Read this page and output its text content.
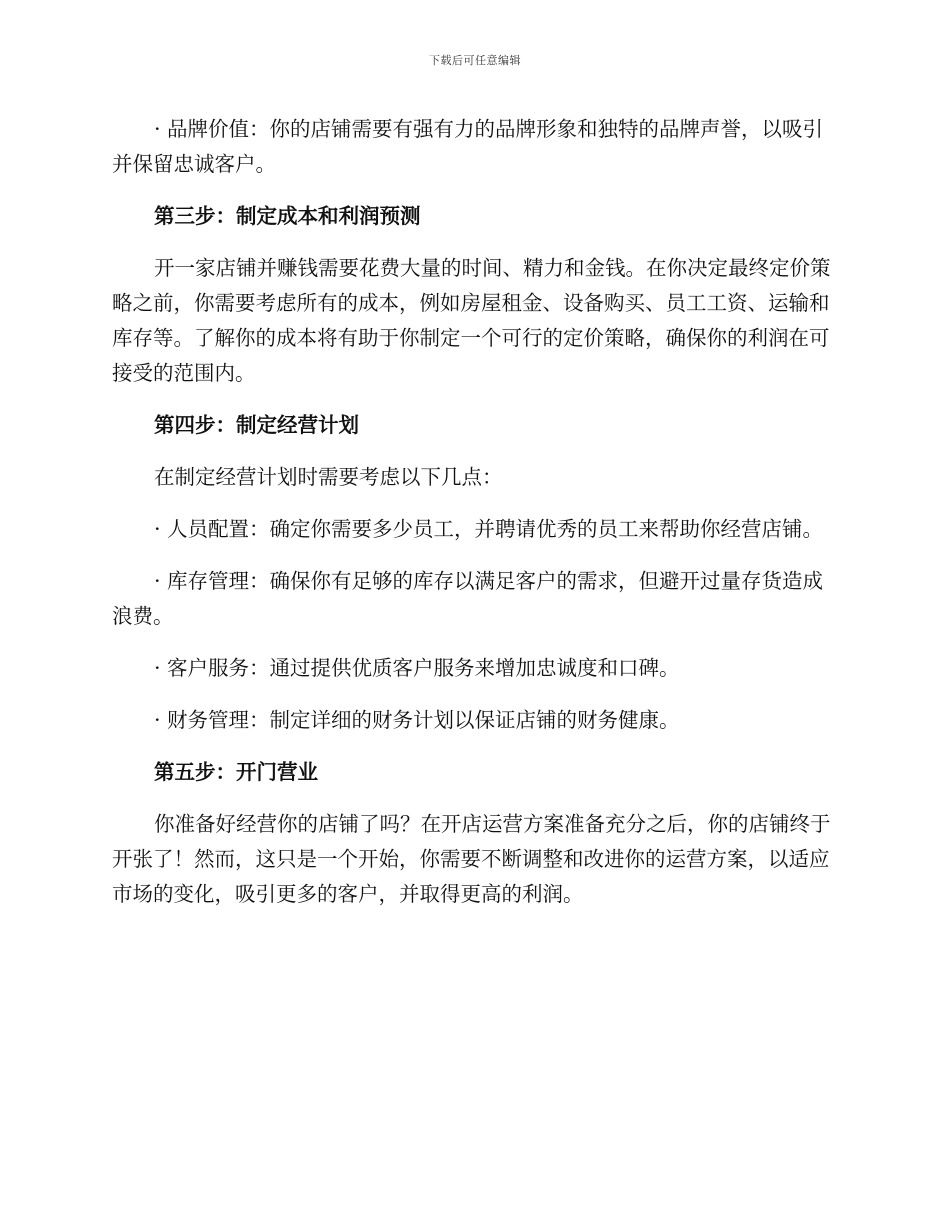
下载后可任意编辑

· 品牌价值：你的店铺需要有强有力的品牌形象和独特的品牌声誉，以吸引并保留忠诚客户。

第三步：制定成本和利润预测

开一家店铺并赚钱需要花费大量的时间、精力和金钱。在你决定最终定价策略之前，你需要考虑所有的成本，例如房屋租金、设备购买、员工工资、运输和库存等。了解你的成本将有助于你制定一个可行的定价策略，确保你的利润在可接受的范围内。

第四步：制定经营计划

在制定经营计划时需要考虑以下几点：

· 人员配置：确定你需要多少员工，并聘请优秀的员工来帮助你经营店铺。

· 库存管理：确保你有足够的库存以满足客户的需求，但避开过量存货造成浪费。

· 客户服务：通过提供优质客户服务来增加忠诚度和口碑。

· 财务管理：制定详细的财务计划以保证店铺的财务健康。

第五步：开门营业

你准备好经营你的店铺了吗？在开店运营方案准备充分之后，你的店铺终于开张了！然而，这只是一个开始，你需要不断调整和改进你的运营方案，以适应市场的变化，吸引更多的客户，并取得更高的利润。
